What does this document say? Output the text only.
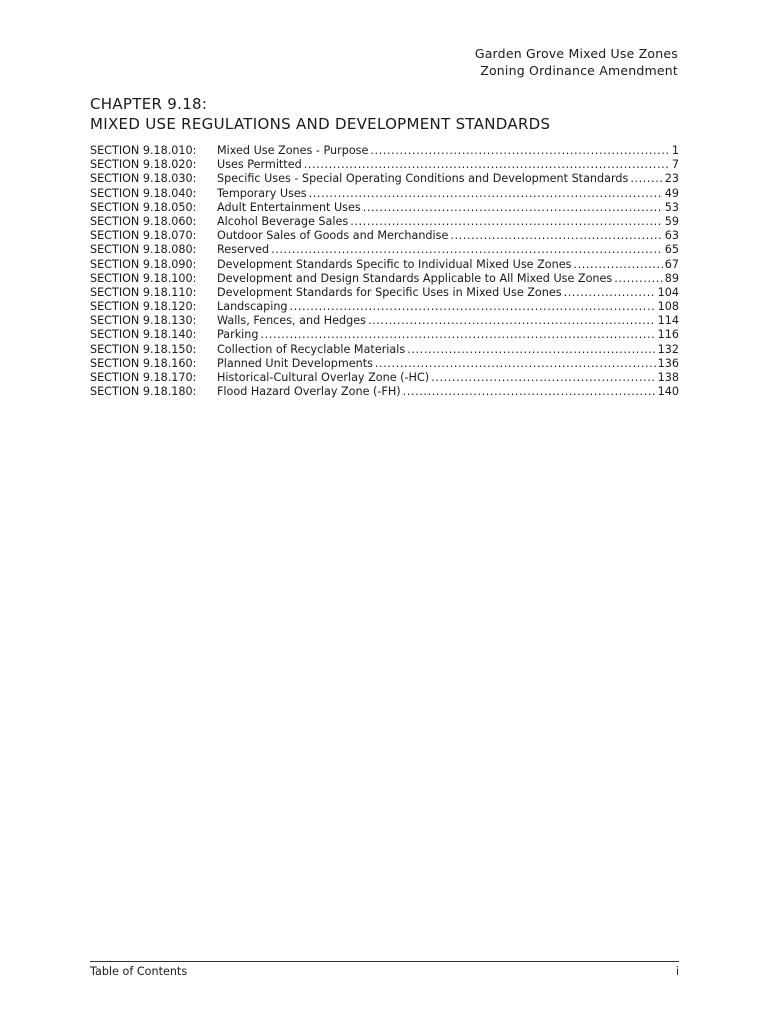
Garden Grove Mixed Use Zones
Zoning Ordinance Amendment
CHAPTER 9.18:
MIXED USE REGULATIONS AND DEVELOPMENT STANDARDS
SECTION 9.18.010:	Mixed Use Zones - Purpose .....	1
SECTION 9.18.020:	Uses Permitted .....	7
SECTION 9.18.030:	Specific Uses - Special Operating Conditions and Development Standards .....	23
SECTION 9.18.040:	Temporary Uses .....	49
SECTION 9.18.050:	Adult Entertainment Uses .....	53
SECTION 9.18.060:	Alcohol Beverage Sales .....	59
SECTION 9.18.070:	Outdoor Sales of Goods and Merchandise .....	63
SECTION 9.18.080:	Reserved .....	65
SECTION 9.18.090:	Development Standards Specific to Individual Mixed Use Zones .....	67
SECTION 9.18.100:	Development and Design Standards Applicable to All Mixed Use Zones .....	89
SECTION 9.18.110:	Development Standards for Specific Uses in Mixed Use Zones .....	104
SECTION 9.18.120:	Landscaping .....	108
SECTION 9.18.130:	Walls, Fences, and Hedges .....	114
SECTION 9.18.140:	Parking .....	116
SECTION 9.18.150:	Collection of Recyclable Materials .....	132
SECTION 9.18.160:	Planned Unit Developments .....	136
SECTION 9.18.170:	Historical-Cultural Overlay Zone (-HC) .....	138
SECTION 9.18.180:	Flood Hazard Overlay Zone (-FH) .....	140
Table of Contents	i
